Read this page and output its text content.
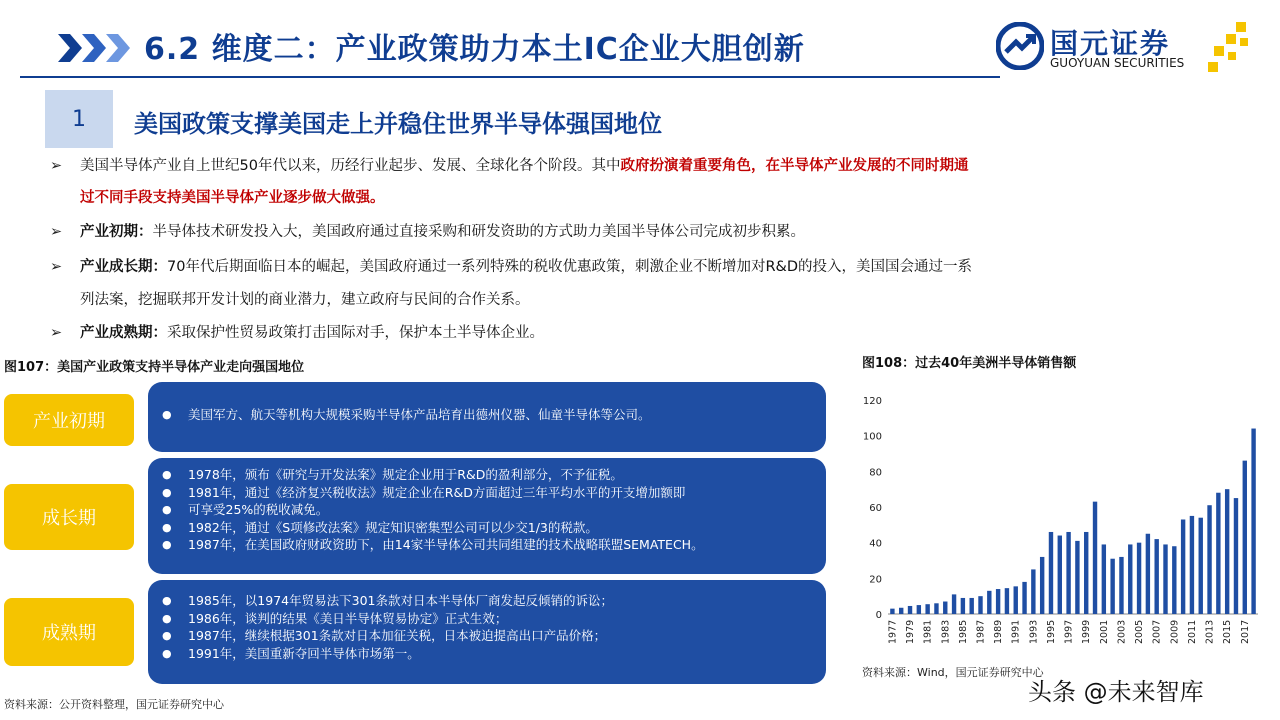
6.2 维度二：产业政策助力本土IC企业大胆创新	国元证券
GUOYUAN SECURITIES
1	美国政策支撑美国走上并稳住世界半导体强国地位
➢ 美国半导体产业自上世纪50年代以来，历经行业起步、发展、全球化各个阶段。其中政府扮演着重要角色，在半导体产业发展的不同时期通
过不同手段支持美国半导体产业逐步做大做强。
➢ 产业初期：半导体技术研发投入大，美国政府通过直接采购和研发资助的方式助力美国半导体公司完成初步积累。
➢ 产业成长期：70年代后期面临日本的崛起，美国政府通过一系列特殊的税收优惠政策，刺激企业不断增加对R&D的投入，美国国会通过一系
列法案，挖掘联邦开发计划的商业潜力，建立政府与民间的合作关系。
➢ 产业成熟期：采取保护性贸易政策打击国际对手，保护本土半导体企业。
图107：美国产业政策支持半导体产业走向强国地位
产业初期
●	美国军方、航天等机构大规模采购半导体产品培育出德州仪器、仙童半导体等公司。
成长期
● 1978年，颁布《研究与开发法案》规定企业用于R&D的盈利部分，不予征税。
● 1981年，通过《经济复兴税收法》规定企业在R&D方面超过三年平均水平的开支增加额即
● 可享受25%的税收减免。
● 1982年，通过《S项修改法案》规定知识密集型公司可以少交1/3的税款。
● 1987年，在美国政府财政资助下，由14家半导体公司共同组建的技术战略联盟SEMATECH。
成熟期
● 1985年，以1974年贸易法下301条款对日本半导体厂商发起反倾销的诉讼；
● 1986年，谈判的结果《美日半导体贸易协定》正式生效；
● 1987年，继续根据301条款对日本加征关税，日本被迫提高出口产品价格；
● 1991年，美国重新夺回半导体市场第一。
资料来源：公开资料整理，国元证券研究中心
图108：过去40年美洲半导体销售额
0
20
40
60
80
100
120
1977 1979 1981 1983 1985 1987 1989 1991 1993 1995 1997 1999 2001 2003 2005 2007 2009 2011 2013 2015 2017
资料来源：Wind，国元证券研究中心
头条 @未来智库
